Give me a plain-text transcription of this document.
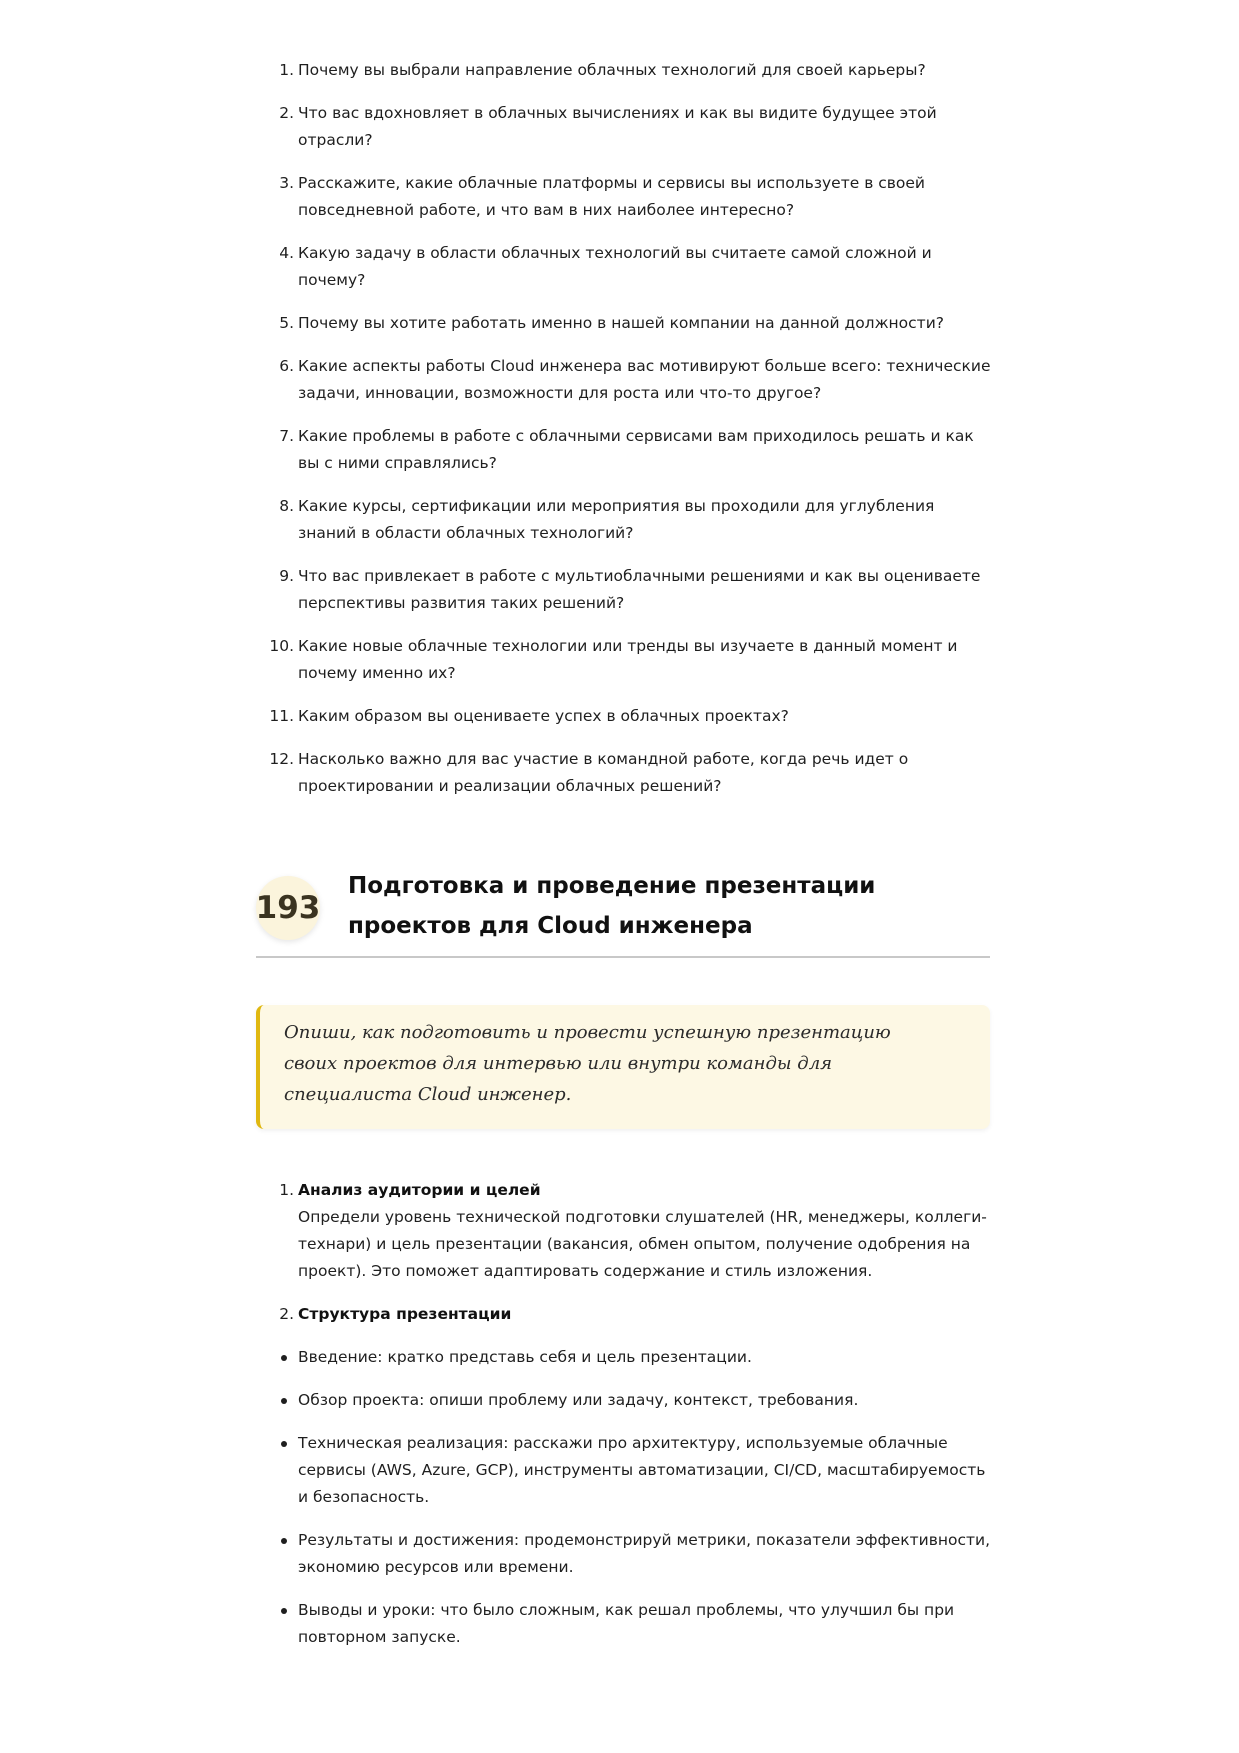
1. Почему вы выбрали направление облачных технологий для своей карьеры?
2. Что вас вдохновляет в облачных вычислениях и как вы видите будущее этой отрасли?
3. Расскажите, какие облачные платформы и сервисы вы используете в своей повседневной работе, и что вам в них наиболее интересно?
4. Какую задачу в области облачных технологий вы считаете самой сложной и почему?
5. Почему вы хотите работать именно в нашей компании на данной должности?
6. Какие аспекты работы Cloud инженера вас мотивируют больше всего: технические задачи, инновации, возможности для роста или что-то другое?
7. Какие проблемы в работе с облачными сервисами вам приходилось решать и как вы с ними справлялись?
8. Какие курсы, сертификации или мероприятия вы проходили для углубления знаний в области облачных технологий?
9. Что вас привлекает в работе с мультиоблачными решениями и как вы оцениваете перспективы развития таких решений?
10. Какие новые облачные технологии или тренды вы изучаете в данный момент и почему именно их?
11. Каким образом вы оцениваете успех в облачных проектах?
12. Насколько важно для вас участие в командной работе, когда речь идет о проектировании и реализации облачных решений?
193
Подготовка и проведение презентации проектов для Cloud инженера
Опиши, как подготовить и провести успешную презентацию своих проектов для интервью или внутри команды для специалиста Cloud инженер.
1. Анализ аудитории и целей
Определи уровень технической подготовки слушателей (HR, менеджеры, коллеги-технари) и цель презентации (вакансия, обмен опытом, получение одобрения на проект). Это поможет адаптировать содержание и стиль изложения.
2. Структура презентации
Введение: кратко представь себя и цель презентации.
Обзор проекта: опиши проблему или задачу, контекст, требования.
Техническая реализация: расскажи про архитектуру, используемые облачные сервисы (AWS, Azure, GCP), инструменты автоматизации, CI/CD, масштабируемость и безопасность.
Результаты и достижения: продемонстрируй метрики, показатели эффективности, экономию ресурсов или времени.
Выводы и уроки: что было сложным, как решал проблемы, что улучшил бы при повторном запуске.
